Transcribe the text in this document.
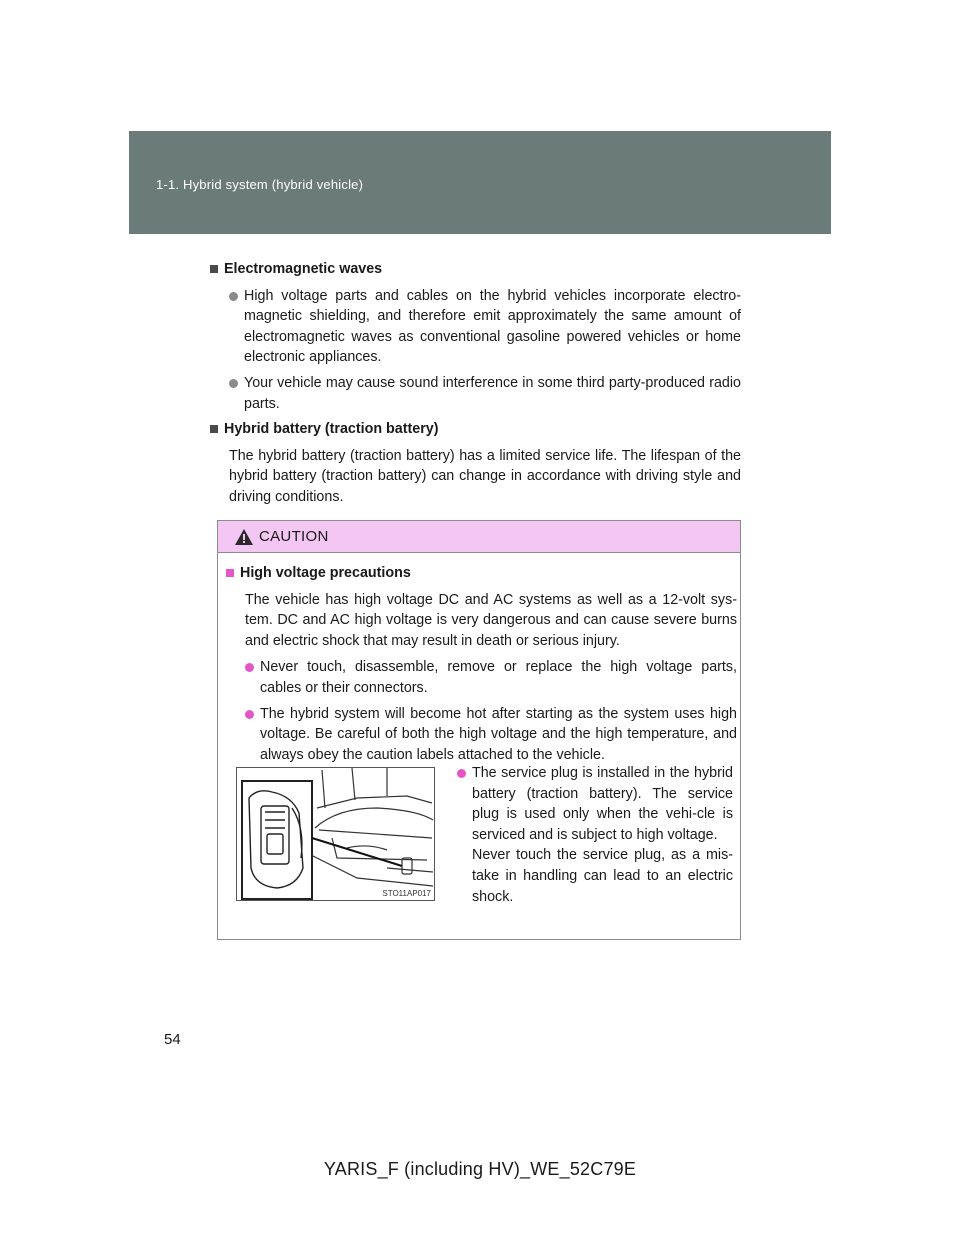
1-1. Hybrid system (hybrid vehicle)
Electromagnetic waves
High voltage parts and cables on the hybrid vehicles incorporate electro-magnetic shielding, and therefore emit approximately the same amount of electromagnetic waves as conventional gasoline powered vehicles or home electronic appliances.
Your vehicle may cause sound interference in some third party-produced radio parts.
Hybrid battery (traction battery)
The hybrid battery (traction battery) has a limited service life. The lifespan of the hybrid battery (traction battery) can change in accordance with driving style and driving conditions.
CAUTION
High voltage precautions
The vehicle has high voltage DC and AC systems as well as a 12-volt sys-tem. DC and AC high voltage is very dangerous and can cause severe burns and electric shock that may result in death or serious injury.
Never touch, disassemble, remove or replace the high voltage parts, cables or their connectors.
The hybrid system will become hot after starting as the system uses high voltage. Be careful of both the high voltage and the high temperature, and always obey the caution labels attached to the vehicle.
STO11AP017
The service plug is installed in the hybrid battery (traction battery). The service plug is used only when the vehi-cle is serviced and is subject to high voltage.
Never touch the service plug, as a mis-take in handling can lead to an electric shock.
54
YARIS_F (including HV)_WE_52C79E
